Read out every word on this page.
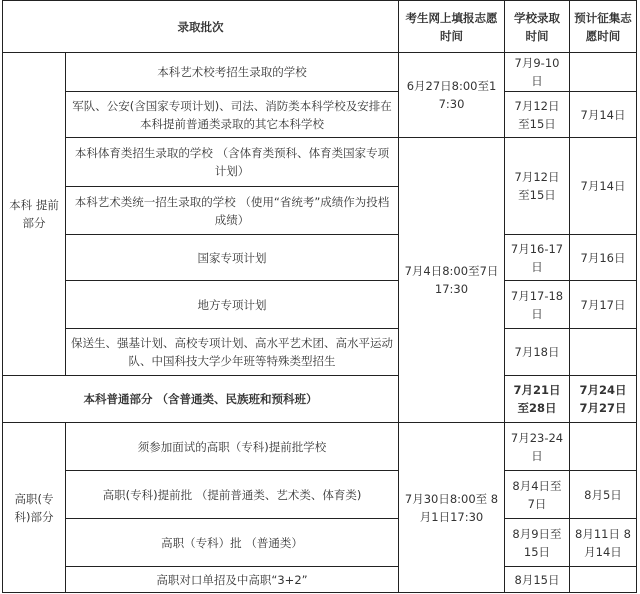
录取批次		考生网上填报志愿时间	学校录取时间	预计征集志愿时间
本科 提前部分	本科艺术校考招生录取的学校	6月27日8:00至17:30	7月9-10日	
	军队、公安(含国家专项计划)、司法、消防类本科学校及安排在本科提前普通类录取的其它本科学校		7月12日至15日	7月14日
	本科体育类招生录取的学校 （含体育类预科、体育类国家专项计划）	7月4日8:00至7日17:30	7月12日至15日	7月14日
	本科艺术类统一招生录取的学校 （使用“省统考”成绩作为投档成绩）			
	国家专项计划		7月16-17日	7月16日
	地方专项计划		7月17-18日	7月17日
	保送生、强基计划、高校专项计划、高水平艺术团、高水平运动队、中国科技大学少年班等特殊类型招生		7月18日	
本科普通部分 （含普通类、民族班和预科班）			7月21日至28日	7月24日 7月27日
高职(专科)部分	须参加面试的高职（专科)提前批学校	7月30日8:00至 8月1日17:30	7月23-24日	
	高职(专科)提前批 （提前普通类、艺术类、体育类)		8月4日至7日	8月5日
	高职（专科）批 （普通类）		8月9日至15日	8月11日 8月14日
	高职对口单招及中高职“3+2”		8月15日	
